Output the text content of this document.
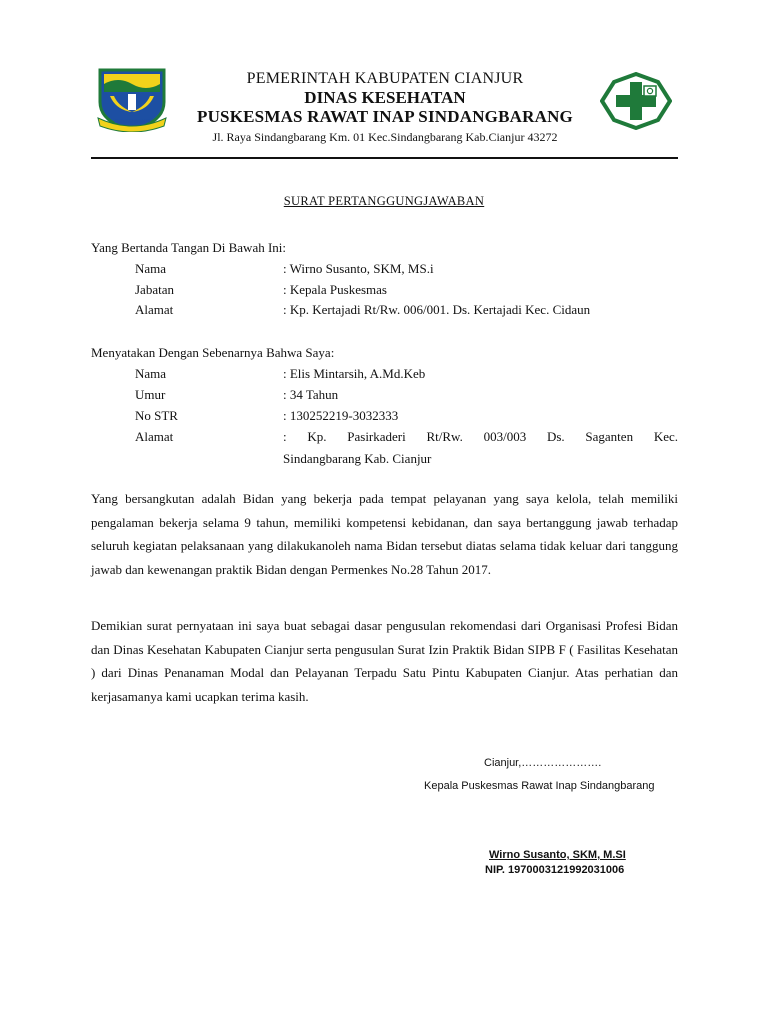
GEMAH MUKTI
PEMERINTAH KABUPATEN CIANJUR
DINAS KESEHATAN
PUSKESMAS RAWAT INAP SINDANGBARANG
Jl. Raya Sindangbarang Km. 01 Kec.Sindangbarang Kab.Cianjur 43272
SURAT PERTANGGUNGJAWABAN
Yang Bertanda Tangan Di Bawah Ini:
Nama	: Wirno Susanto, SKM, MS.i
Jabatan	: Kepala Puskesmas
Alamat	: Kp. Kertajadi Rt/Rw. 006/001. Ds. Kertajadi Kec. Cidaun
Menyatakan Dengan Sebenarnya Bahwa Saya:
Nama	: Elis Mintarsih, A.Md.Keb
Umur	: 34 Tahun
No STR	: 130252219-3032333
Alamat	: Kp. Pasirkaderi Rt/Rw. 003/003 Ds. Saganten Kec.
Sindangbarang Kab. Cianjur
Yang bersangkutan adalah Bidan yang bekerja pada tempat pelayanan yang saya kelola, telah memiliki pengalaman bekerja selama 9 tahun, memiliki kompetensi kebidanan, dan saya bertanggung jawab terhadap seluruh kegiatan pelaksanaan yang dilakukanoleh nama Bidan tersebut diatas selama tidak keluar dari tanggung jawab dan kewenangan praktik Bidan dengan Permenkes No.28 Tahun 2017.
Demikian surat pernyataan ini saya buat sebagai dasar pengusulan rekomendasi dari Organisasi Profesi Bidan dan Dinas Kesehatan Kabupaten Cianjur serta pengusulan Surat Izin Praktik Bidan SIPB F ( Fasilitas Kesehatan ) dari Dinas Penanaman Modal dan Pelayanan Terpadu Satu Pintu Kabupaten Cianjur. Atas perhatian dan kerjasamanya kami ucapkan terima kasih.
Cianjur,………………….
Kepala Puskesmas Rawat Inap Sindangbarang
Wirno Susanto, SKM, M.SI
NIP. 1970003121992031006
